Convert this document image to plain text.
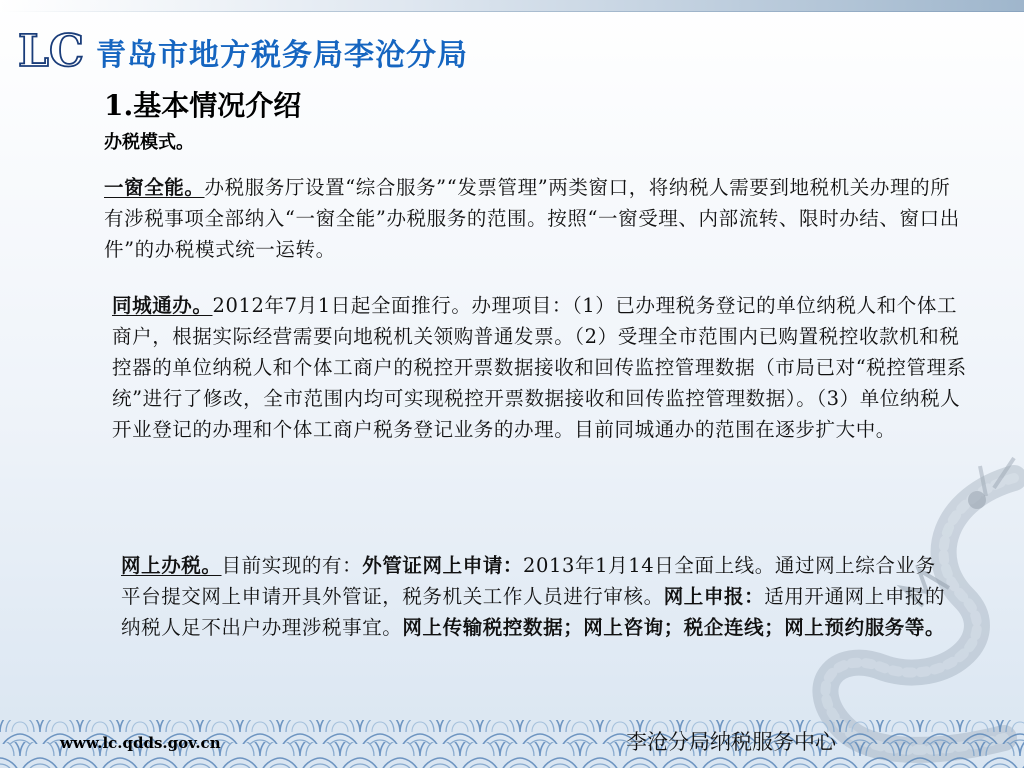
LC 青岛市地方税务局李沧分局
1.基本情况介绍
办税模式。
一窗全能。办税服务厅设置“综合服务”“发票管理”两类窗口，将纳税人需要到地税机关办理的所有涉税事项全部纳入“一窗全能”办税服务的范围。按照“一窗受理、内部流转、限时办结、窗口出件”的办税模式统一运转。
同城通办。2012年7月1日起全面推行。办理项目：（1）已办理税务登记的单位纳税人和个体工商户，根据实际经营需要向地税机关领购普通发票。（2）受理全市范围内已购置税控收款机和税控器的单位纳税人和个体工商户的税控开票数据接收和回传监控管理数据（市局已对“税控管理系统”进行了修改，全市范围内均可实现税控开票数据接收和回传监控管理数据）。（3）单位纳税人开业登记的办理和个体工商户税务登记业务的办理。目前同城通办的范围在逐步扩大中。
网上办税。目前实现的有：外管证网上申请：2013年1月14日全面上线。通过网上综合业务平台提交网上申请开具外管证，税务机关工作人员进行审核。网上申报：适用开通网上申报的纳税人足不出户办理涉税事宜。网上传输税控数据；网上咨询；税企连线；网上预约服务等。
www.lc.qdds.gov.cn	李沧分局纳税服务中心
